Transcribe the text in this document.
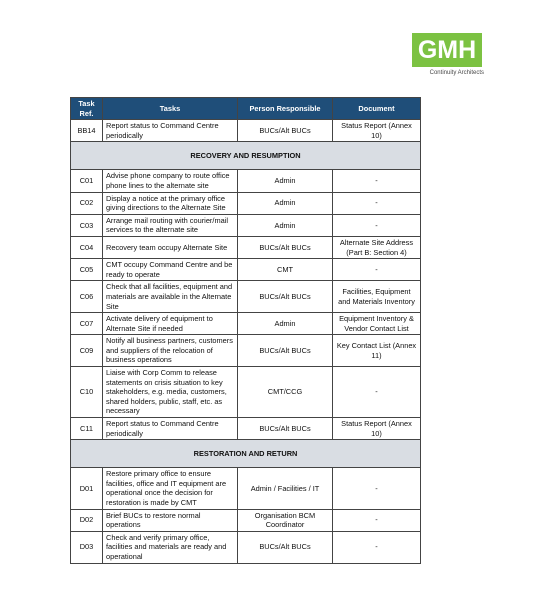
GMH
Continuity Architects
Task Ref.	Tasks	Person Responsible	Document
BB14	Report status to Command Centre periodically	BUCs/Alt BUCs	Status Report (Annex 10)
RECOVERY AND RESUMPTION			
C01	Advise phone company to route office phone lines to the alternate site	Admin	-
C02	Display a notice at the primary office giving directions to the Alternate Site	Admin	-
C03	Arrange mail routing with courier/mail services to the alternate site	Admin	-
C04	Recovery team occupy Alternate Site	BUCs/Alt BUCs	Alternate Site Address (Part B: Section 4)
C05	CMT occupy Command Centre and be ready to operate	CMT	-
C06	Check that all facilities, equipment and materials are available in the Alternate Site	BUCs/Alt BUCs	Facilities, Equipment and Materials Inventory
C07	Activate delivery of equipment to Alternate Site if needed	Admin	Equipment Inventory & Vendor Contact List
C09	Notify all business partners, customers and suppliers of the relocation of business operations	BUCs/Alt BUCs	Key Contact List (Annex 11)
C10	Liaise with Corp Comm to release statements on crisis situation to key stakeholders, e.g. media, customers, shared holders, public, staff, etc. as necessary	CMT/CCG	-
C11	Report status to Command Centre periodically	BUCs/Alt BUCs	Status Report (Annex 10)
RESTORATION AND RETURN			
D01	Restore primary office to ensure facilities, office and IT equipment are operational once the decision for restoration is made by CMT	Admin / Facilities / IT	-
D02	Brief BUCs to restore normal operations	Organisation BCM Coordinator	-
D03	Check and verify primary office, facilities and materials are ready and operational	BUCs/Alt BUCs	-
